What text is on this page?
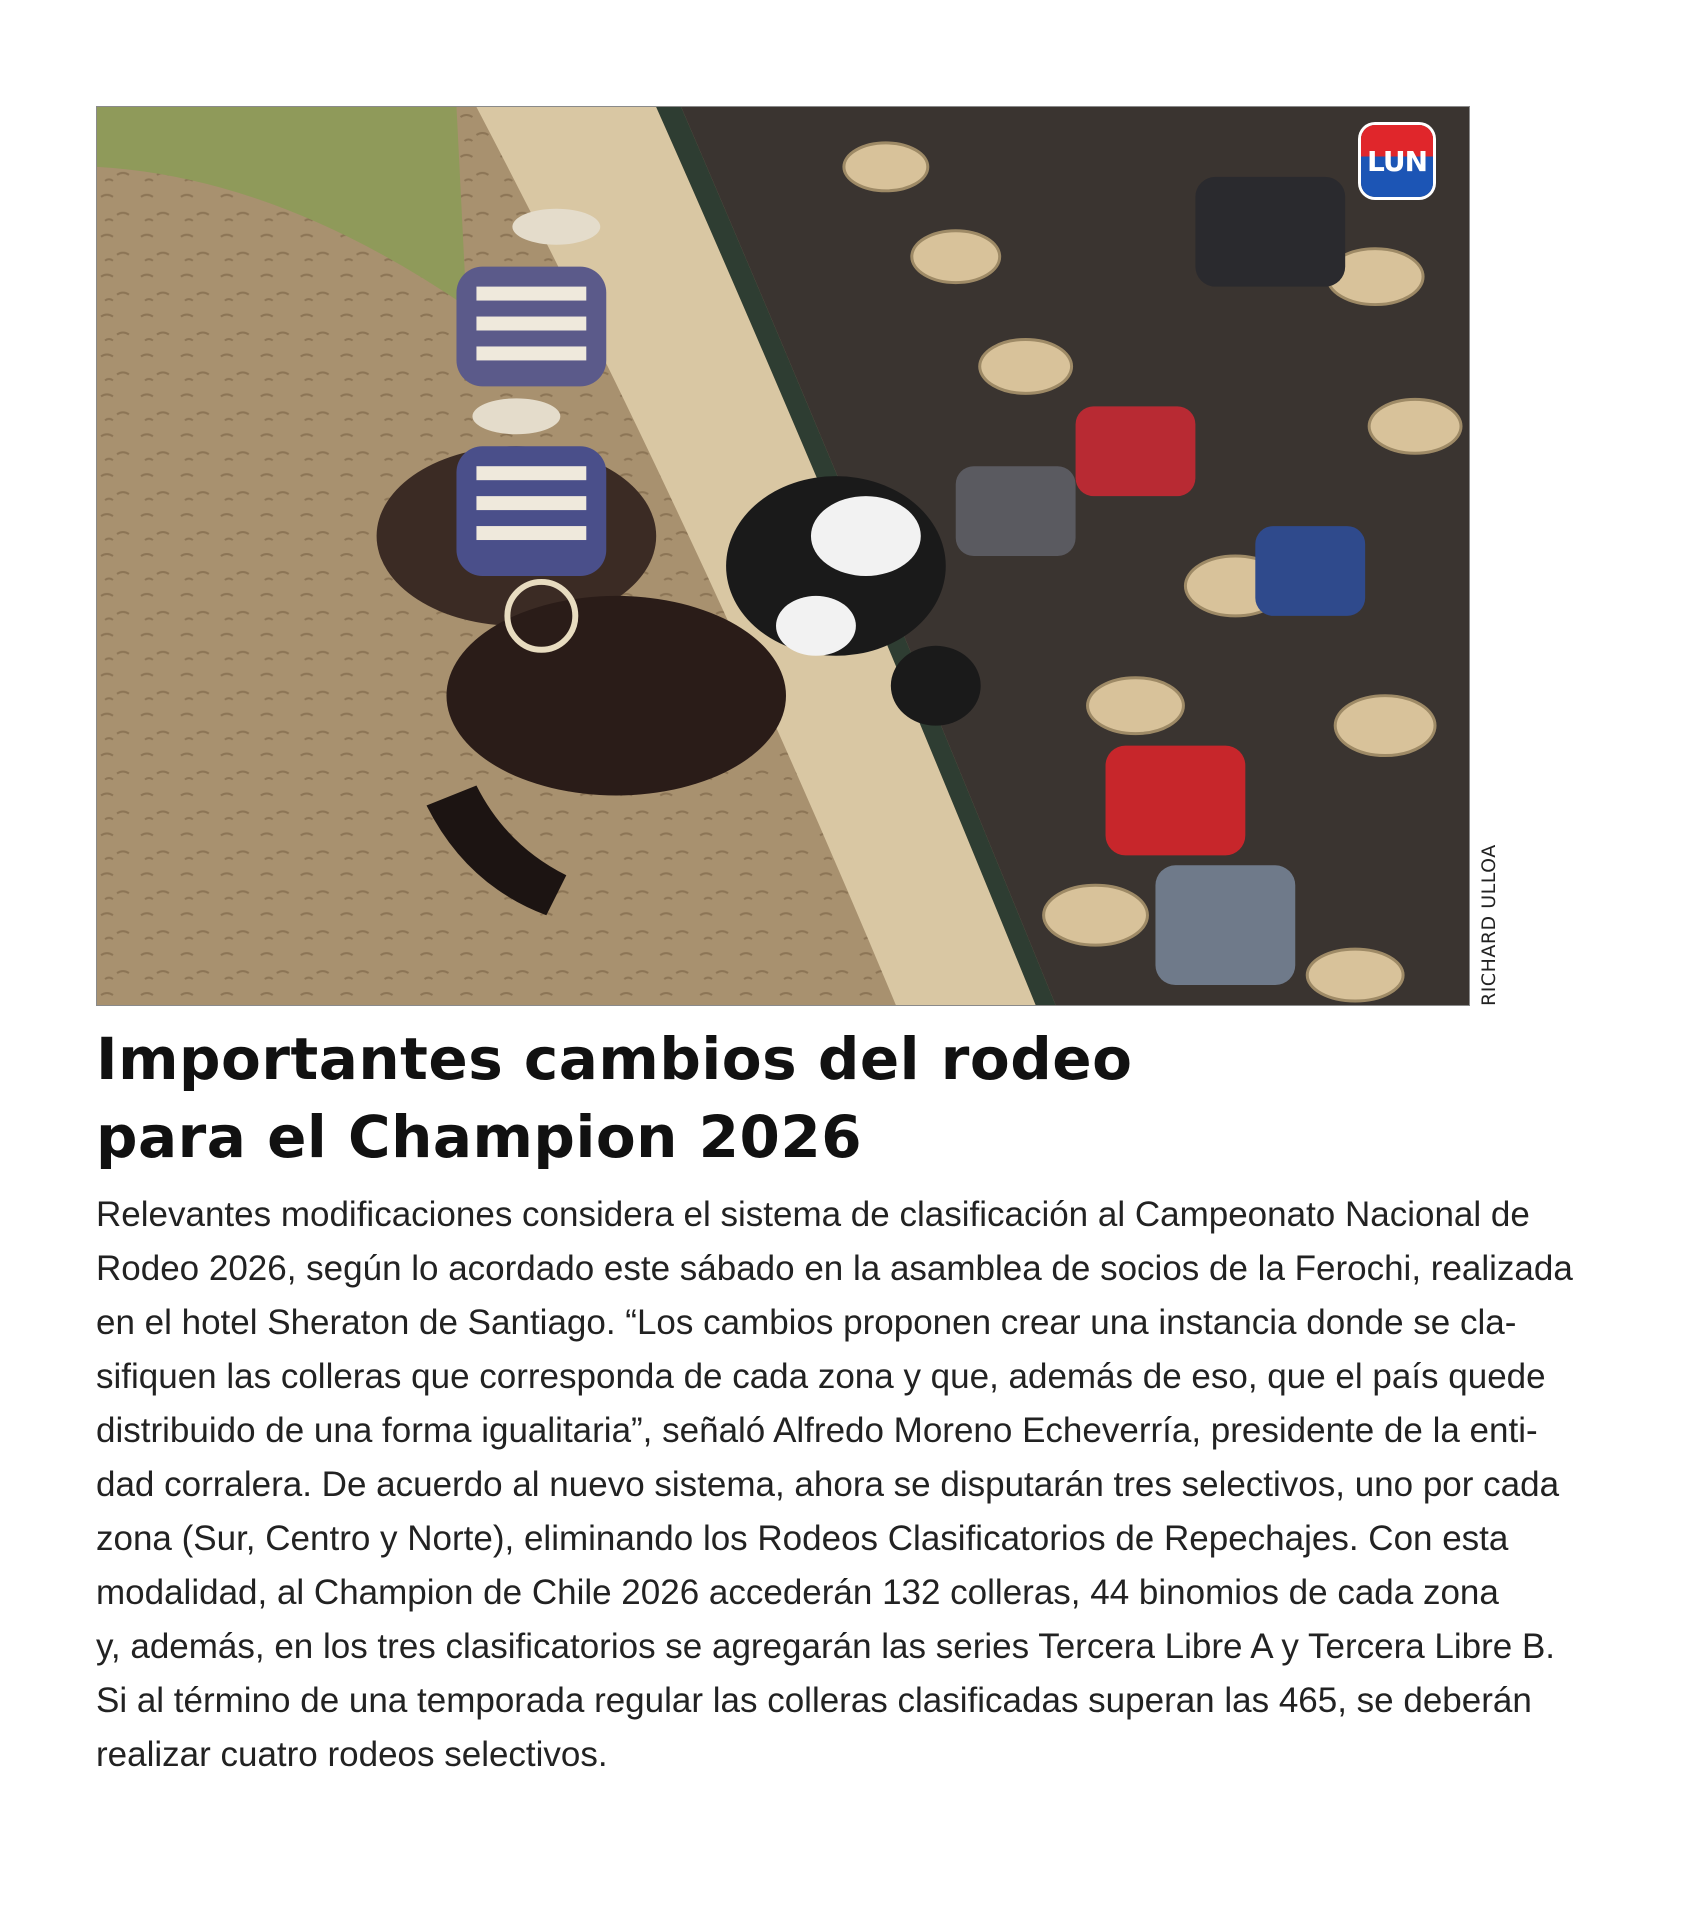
LUN
RICHARD ULLOA
Importantes cambios del rodeo
para el Champion 2026

Relevantes modificaciones considera el sistema de clasificación al Campeonato Nacional de
Rodeo 2026, según lo acordado este sábado en la asamblea de socios de la Ferochi, realizada
en el hotel Sheraton de Santiago. “Los cambios proponen crear una instancia donde se cla-
sifiquen las colleras que corresponda de cada zona y que, además de eso, que el país quede
distribuido de una forma igualitaria”, señaló Alfredo Moreno Echeverría, presidente de la enti-
dad corralera. De acuerdo al nuevo sistema, ahora se disputarán tres selectivos, uno por cada
zona (Sur, Centro y Norte), eliminando los Rodeos Clasificatorios de Repechajes. Con esta
modalidad, al Champion de Chile 2026 accederán 132 colleras, 44 binomios de cada zona
y, además, en los tres clasificatorios se agregarán las series Tercera Libre A y Tercera Libre B.
Si al término de una temporada regular las colleras clasificadas superan las 465, se deberán
realizar cuatro rodeos selectivos.
